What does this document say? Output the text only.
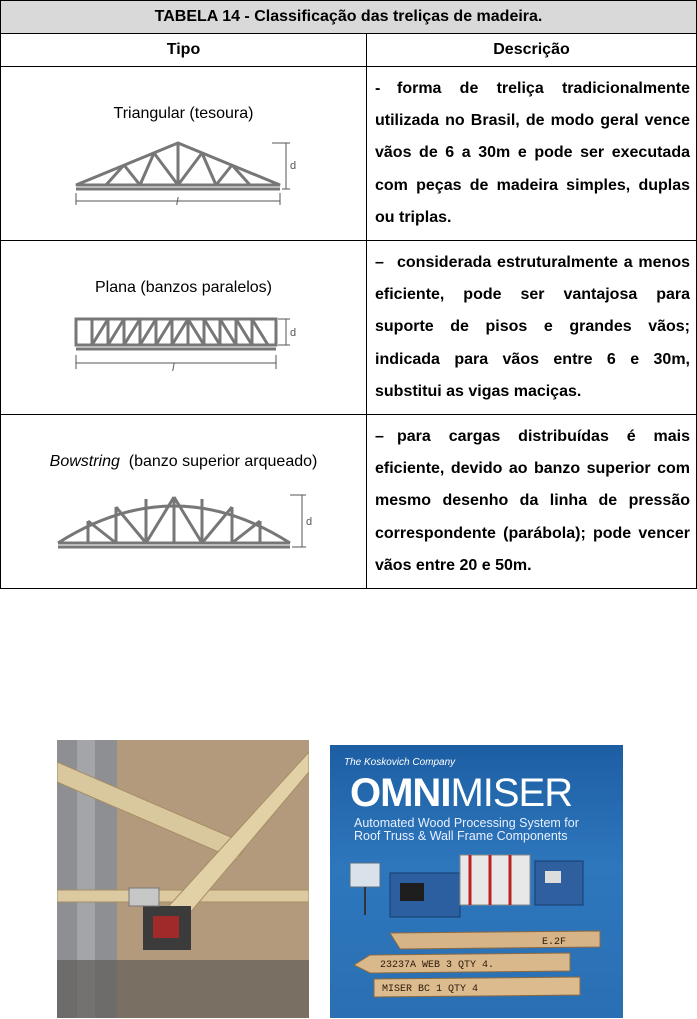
TABELA 14 - Classificação das treliças de madeira.	
Tipo	Descrição

Triangular (tesoura)
l
d	- forma de treliça tradicionalmente utilizada no Brasil, de modo geral vence vãos de 6 a 30m e pode ser executada com peças de madeira simples, duplas ou triplas.

Plana (banzos paralelos)
l
d	– considerada estruturalmente a menos eficiente, pode ser vantajosa para suporte de pisos e grandes vãos; indicada para vãos entre 6 e 30m, substitui as vigas maciças.

Bowstring (banzo superior arqueado)
d	– para cargas distribuídas é mais eficiente, devido ao banzo superior com mesmo desenho da linha de pressão correspondente (parábola); pode vencer vãos entre 20 e 50m.
The Koskovich Company
OMNIMISER
Automated Wood Processing System for
Roof Truss & Wall Frame Components
E.2F
23237A WEB 3 QTY 4.
MISER BC 1 QTY 4
